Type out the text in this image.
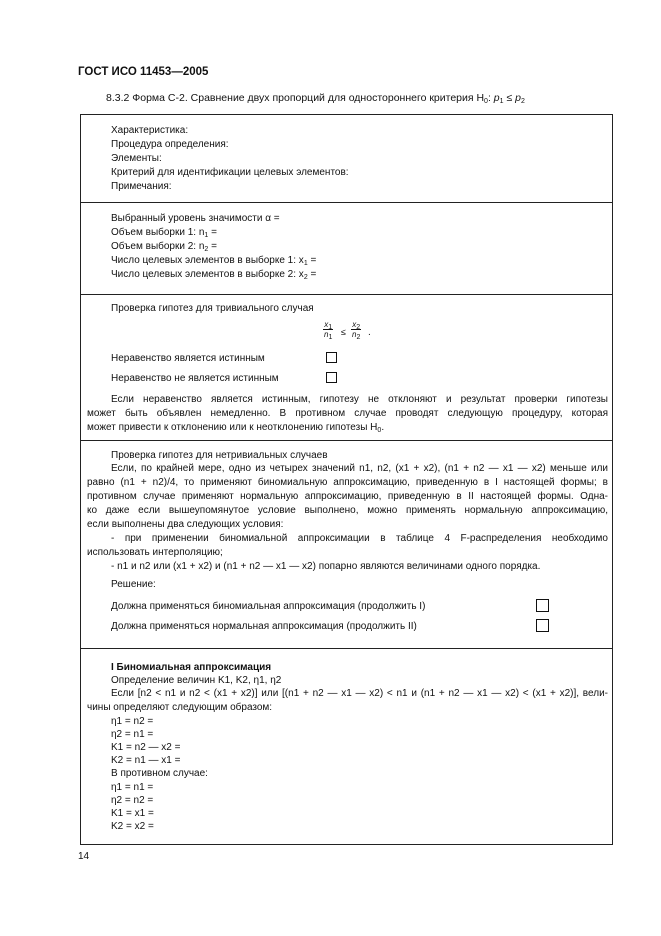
ГОСТ ИСО 11453—2005
8.3.2 Форма С-2. Сравнение двух пропорций для одностороннего критерия $H_0$: $p_1 \le p_2$
Характеристика:
Процедура определения:
Элементы:
Критерий для идентификации целевых элементов:
Примечания:
Выбранный уровень значимости α =
Объем выборки 1: $n_1$ =
Объем выборки 2: $n_2$ =
Число целевых элементов в выборке 1: $x_1$ =
Число целевых элементов в выборке 2: $x_2$ =
Проверка гипотез для тривиального случая
$\frac{x_1}{n_1} \le \frac{x_2}{n_2}$ .
Неравенство является истинным
Неравенство не является истинным
Если неравенство является истинным, гипотезу не отклоняют и результат проверки гипотезы
может быть объявлен немедленно. В противном случае проводят следующую процедуру, которая
может привести к отклонению или к неотклонению гипотезы $H_0$.
Проверка гипотез для нетривиальных случаев
Если, по крайней мере, одно из четырех значений n1, n2, (x1 + x2), (n1 + n2 — x1 — x2) меньше или
равно (n1 + n2)/4, то применяют биномиальную аппроксимацию, приведенную в I настоящей формы; в
противном случае применяют нормальную аппроксимацию, приведенную в II настоящей формы. Одна-
ко даже если вышеупомянутое условие выполнено, можно применять нормальную аппроксимацию,
если выполнены два следующих условия:
- при применении биномиальной аппроксимации в таблице 4 F-распределения необходимо
использовать интерполяцию;
- n1 и n2 или (x1 + x2) и (n1 + n2 — x1 — x2) попарно являются величинами одного порядка.
Решение:
Должна применяться биномиальная аппроксимация (продолжить I)
Должна применяться нормальная аппроксимация (продолжить II)
I Биномиальная аппроксимация
Определение величин K1, K2, η1, η2
Если [n2 < n1 и n2 < (x1 + x2)] или [(n1 + n2 — x1 — x2) < n1 и (n1 + n2 — x1 — x2) < (x1 + x2)], вели-
чины определяют следующим образом:
η1 = n2 =
η2 = n1 =
K1 = n2 — x2 =
K2 = n1 — x1 =
В противном случае:
η1 = n1 =
η2 = n2 =
K1 = x1 =
K2 = x2 =
14
